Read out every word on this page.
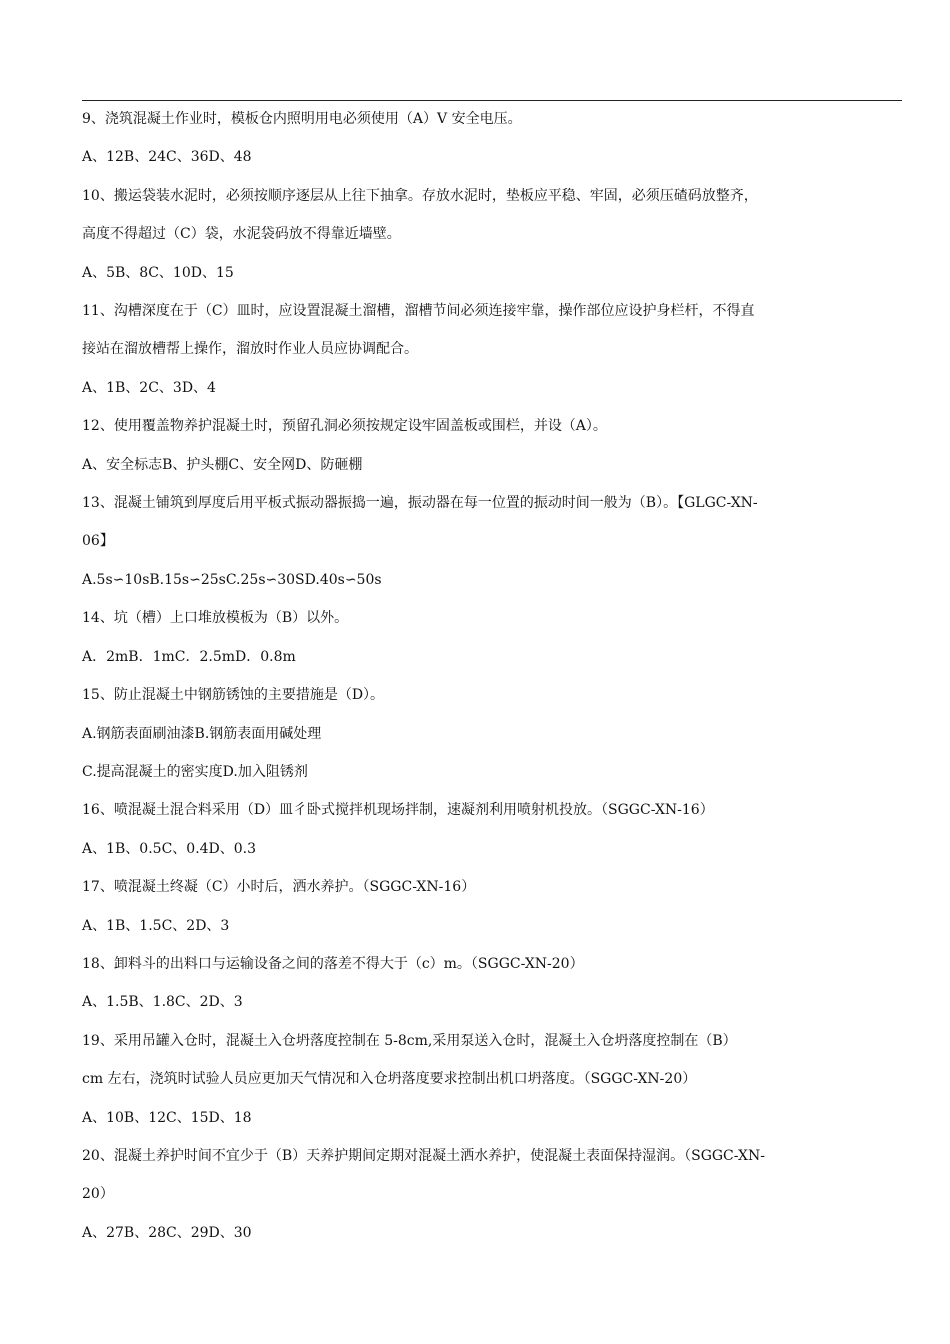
9、浇筑混凝土作业时，模板仓内照明用电必须使用（A）V 安全电压。
A、12B、24C、36D、48
10、搬运袋装水泥时，必须按顺序逐层从上往下抽拿。存放水泥时，垫板应平稳、牢固，必须压碴码放整齐，
高度不得超过（C）袋，水泥袋码放不得靠近墙壁。
A、5B、8C、10D、15
11、沟槽深度在于（C）皿时，应设置混凝土溜槽，溜槽节间必须连接牢靠，操作部位应设护身栏杆，不得直
接站在溜放槽帮上操作，溜放时作业人员应协调配合。
A、1B、2C、3D、4
12、使用覆盖物养护混凝土时，预留孔洞必须按规定设牢固盖板或围栏，并设（A）。
A、安全标志B、护头棚C、安全网D、防砸棚
13、混凝土铺筑到厚度后用平板式振动器振捣一遍，振动器在每一位置的振动时间一般为（B）。【GLGC-XN-
06】
A.5s∽10sB.15s∽25sC.25s∽30SD.40s∽50s
14、坑（槽）上口堆放模板为（B）以外。
A．2mB．1mC．2.5mD．0.8m
15、防止混凝土中钢筋锈蚀的主要措施是（D）。
A.钢筋表面刷油漆B.钢筋表面用碱处理
C.提高混凝土的密实度D.加入阻锈剂
16、喷混凝土混合料采用（D）皿彳卧式搅拌机现场拌制，速凝剂利用喷射机投放。（SGGC-XN-16）
A、1B、0.5C、0.4D、0.3
17、喷混凝土终凝（C）小时后，洒水养护。（SGGC-XN-16）
A、1B、1.5C、2D、3
18、卸料斗的出料口与运输设备之间的落差不得大于（c）m。（SGGC-XN-20）
A、1.5B、1.8C、2D、3
19、采用吊罐入仓时，混凝土入仓坍落度控制在 5-8cm,采用泵送入仓时，混凝土入仓坍落度控制在（B）
cm 左右，浇筑时试验人员应更加天气情况和入仓坍落度要求控制出机口坍落度。（SGGC-XN-20）
A、10B、12C、15D、18
20、混凝土养护时间不宜少于（B）天养护期间定期对混凝土洒水养护，使混凝土表面保持湿润。（SGGC-XN-
20）
A、27B、28C、29D、30
